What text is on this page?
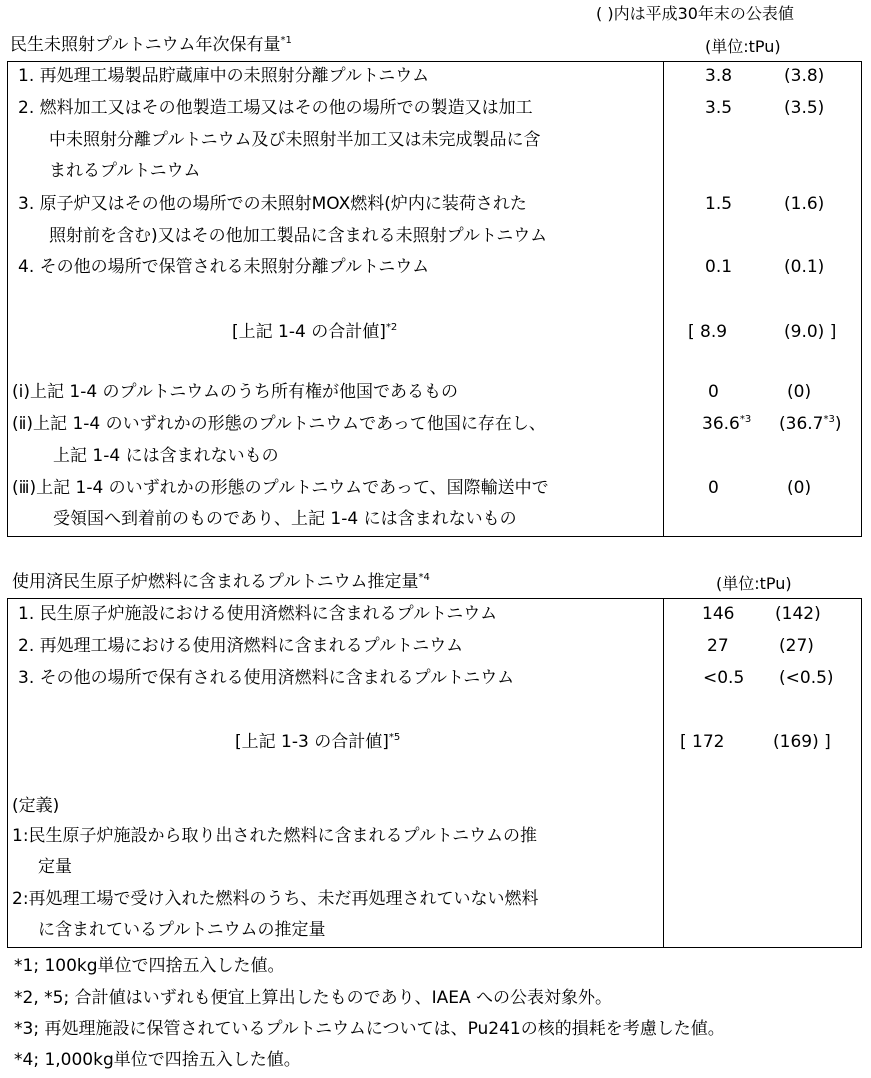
( )内は平成30年末の公表値
民生未照射プルトニウム年次保有量$^{*1}$	(単位:tPu)
1. 再処理工場製品貯蔵庫中の未照射分離プルトニウム	3.8	(3.8)
2. 燃料加工又はその他製造工場又はその他の場所での製造又は加工
中未照射分離プルトニウム及び未照射半加工又は未完成製品に含
まれるプルトニウム
3.5	(3.5)
3. 原子炉又はその他の場所での未照射MOX燃料(炉内に装荷された
照射前を含む)又はその他加工製品に含まれる未照射プルトニウム
1.5	(1.6)
4. その他の場所で保管される未照射分離プルトニウム	0.1	(0.1)
[上記 1-4 の合計値]$^{*2}$	[ 8.9	(9.0) ]
(ⅰ)上記 1-4 のプルトニウムのうち所有権が他国であるもの	0	(0)
(ⅱ)上記 1-4 のいずれかの形態のプルトニウムであって他国に存在し、
上記 1-4 には含まれないもの
36.6$^{*3}$ (36.7$^{*3}$)
(ⅲ)上記 1-4 のいずれかの形態のプルトニウムであって、国際輸送中で
受領国へ到着前のものであり、上記 1-4 には含まれないもの
0	(0)
使用済民生原子炉燃料に含まれるプルトニウム推定量$^{*4}$	(単位:tPu)
1. 民生原子炉施設における使用済燃料に含まれるプルトニウム	146 (142)
2. 再処理工場における使用済燃料に含まれるプルトニウム	27	(27)
3. その他の場所で保有される使用済燃料に含まれるプルトニウム	<0.5 (<0.5)
[上記 1-3 の合計値]$^{*5}$	[ 172	(169) ]
(定義)
1:民生原子炉施設から取り出された燃料に含まれるプルトニウムの推
定量
2:再処理工場で受け入れた燃料のうち、未だ再処理されていない燃料
に含まれているプルトニウムの推定量
*1; 100kg単位で四捨五入した値。
*2, *5; 合計値はいずれも便宜上算出したものであり、IAEA への公表対象外。
*3; 再処理施設に保管されているプルトニウムについては、Pu241の核的損耗を考慮した値。
*4; 1,000kg単位で四捨五入した値。
